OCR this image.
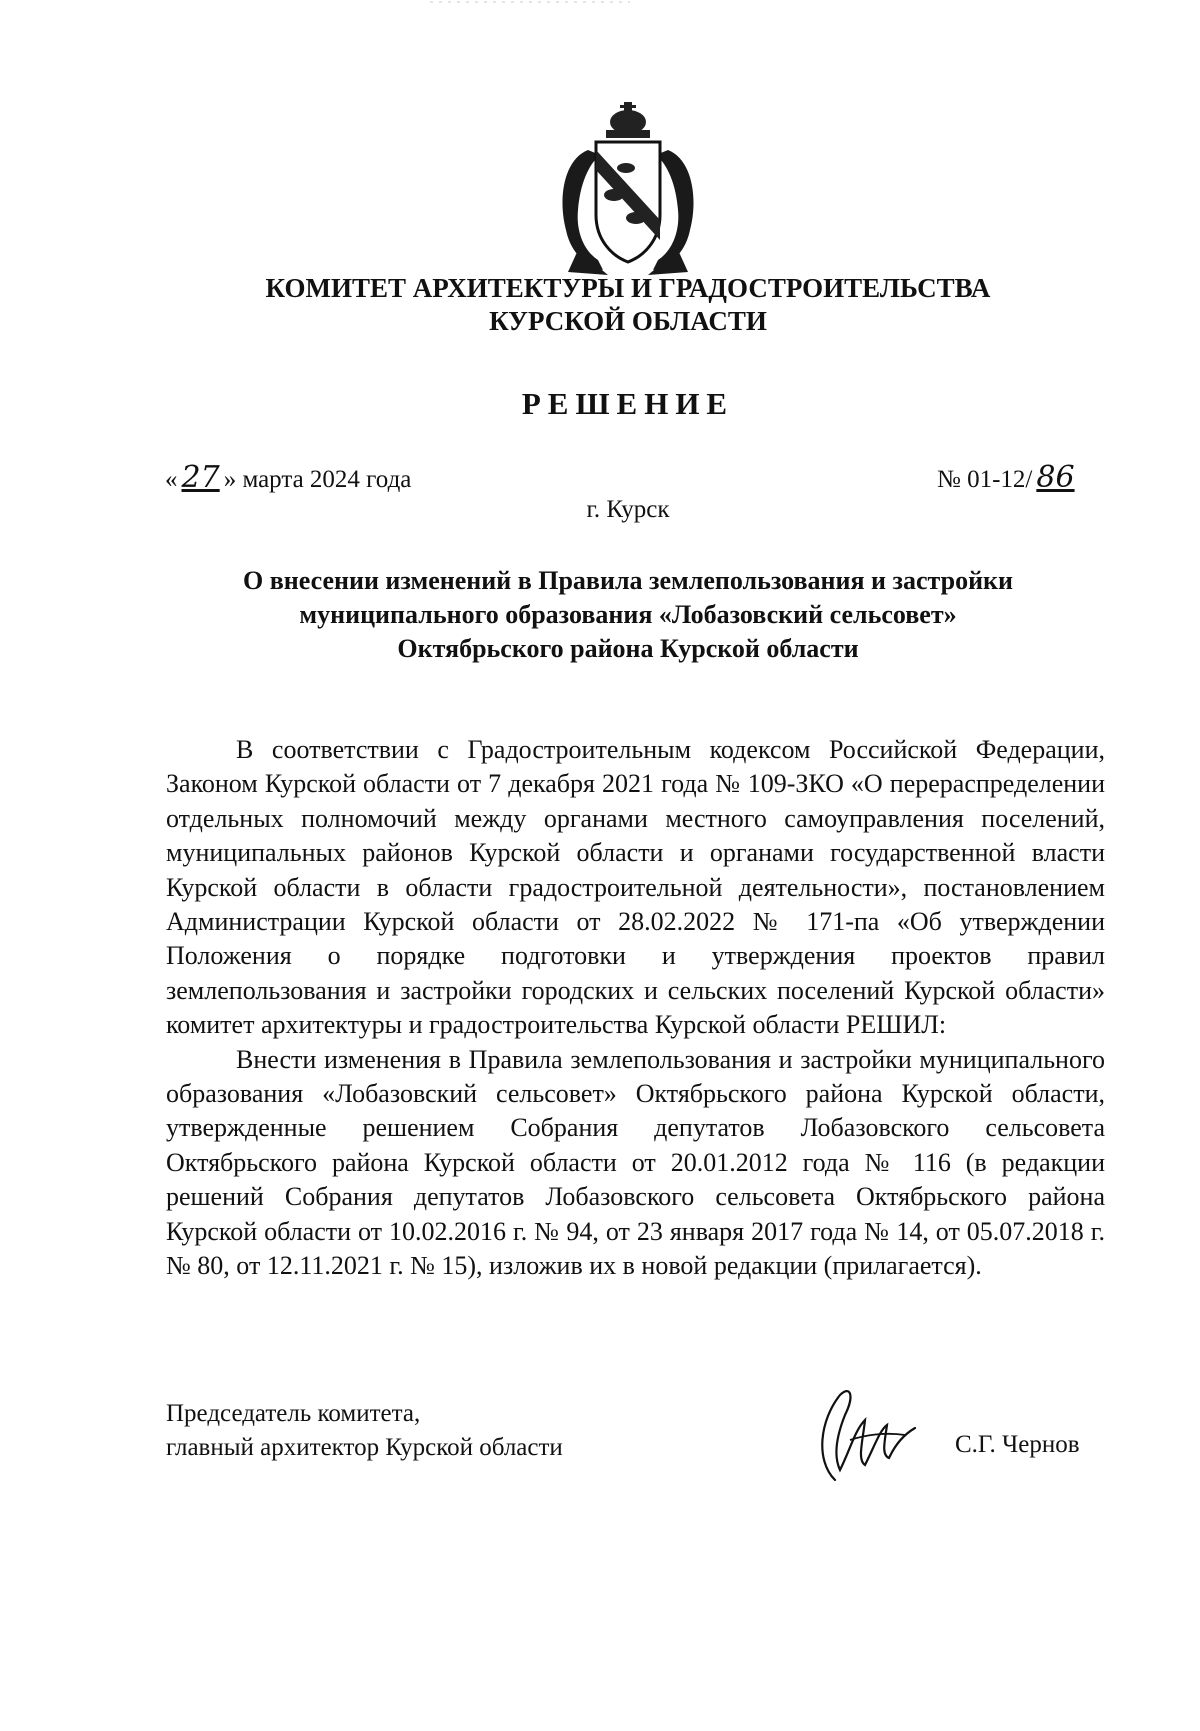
КОМИТЕТ АРХИТЕКТУРЫ И ГРАДОСТРОИТЕЛЬСТВА
КУРСКОЙ ОБЛАСТИ
РЕШЕНИЕ
« 27 » марта 2024 года	№ 01-12/ 86
г. Курск
О внесении изменений в Правила землепользования и застройки
муниципального образования «Лобазовский сельсовет»
Октябрьского района Курской области

В соответствии с Градостроительным кодексом Российской Федерации, Законом Курской области от 7 декабря 2021 года № 109-ЗКО «О перераспределении отдельных полномочий между органами местного самоуправления поселений, муниципальных районов Курской области и органами государственной власти Курской области в области градостроительной деятельности», постановлением Администрации Курской области от 28.02.2022 № 171-па «Об утверждении Положения о порядке подготовки и утверждения проектов правил землепользования и застройки городских и сельских поселений Курской области» комитет архитектуры и градостроительства Курской области РЕШИЛ:

Внести изменения в Правила землепользования и застройки муниципального образования «Лобазовский сельсовет» Октябрьского района Курской области, утвержденные решением Собрания депутатов Лобазовского сельсовета Октябрьского района Курской области от 20.01.2012 года № 116 (в редакции решений Собрания депутатов Лобазовского сельсовета Октябрьского района Курской области от 10.02.2016 г. № 94, от 23 января 2017 года № 14, от 05.07.2018 г. № 80, от 12.11.2021 г. № 15), изложив их в новой редакции (прилагается).

Председатель комитета,
главный архитектор Курской области	С.Г. Чернов
